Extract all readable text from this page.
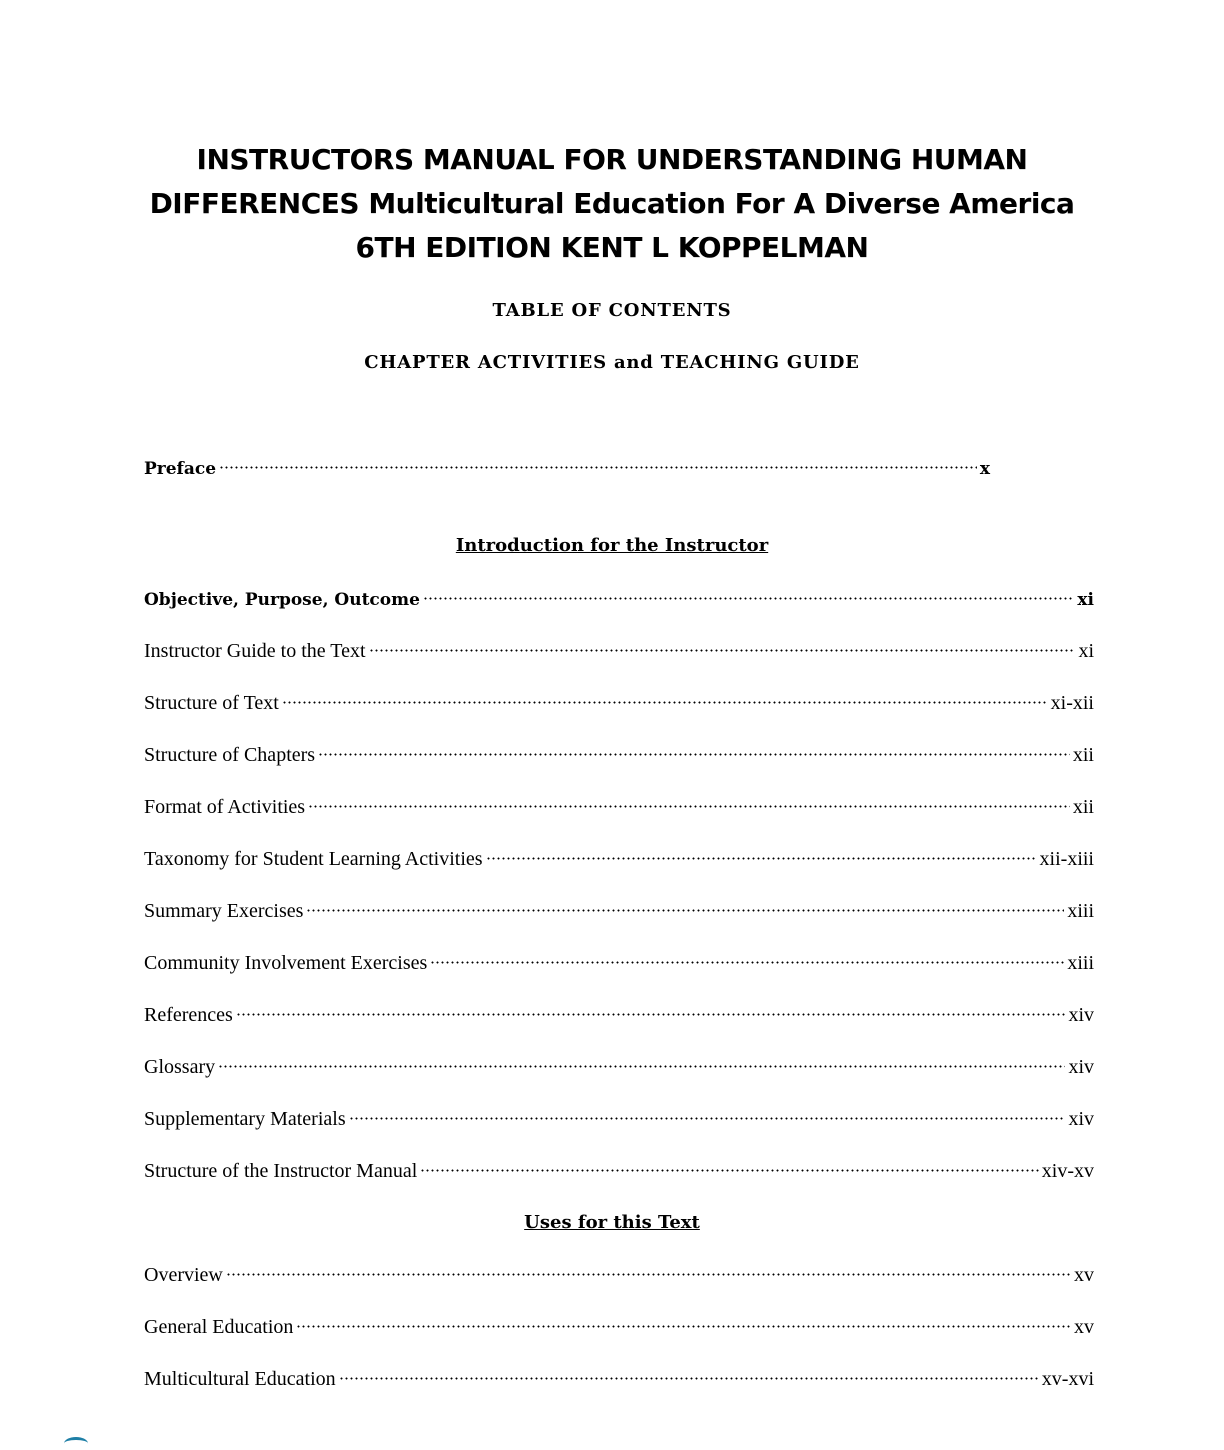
INSTRUCTORS MANUAL FOR UNDERSTANDING HUMAN
DIFFERENCES Multicultural Education For A Diverse America
6TH EDITION KENT L KOPPELMAN
TABLE OF CONTENTS
CHAPTER ACTIVITIES and TEACHING GUIDE
Preface	x
Introduction for the Instructor
Objective, Purpose, Outcome	xi
Instructor Guide to the Text	xi
Structure of Text	xi-xii
Structure of Chapters	xii
Format of Activities	xii
Taxonomy for Student Learning Activities	xii-xiii
Summary Exercises	xiii
Community Involvement Exercises	xiii
References	xiv
Glossary	xiv
Supplementary Materials	xiv
Structure of the Instructor Manual	xiv-xv
Uses for this Text
Overview	xv
General Education	xv
Multicultural Education	xv-xvi
